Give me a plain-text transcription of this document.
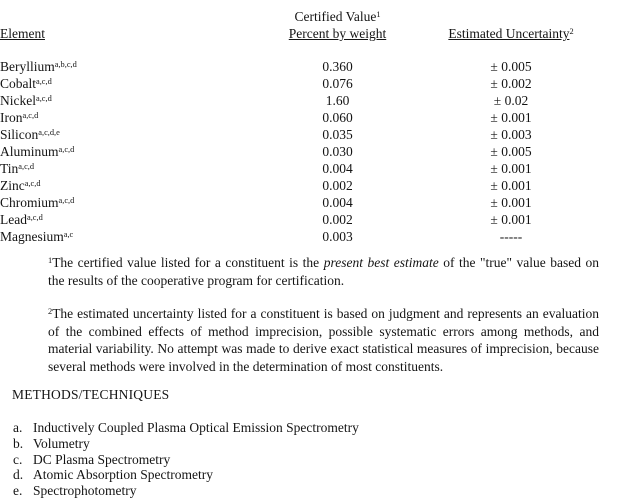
	Certified Value$^1$	
Element	Percent by weight	Estimated Uncertainty$^2$
Beryllium$^{a,b,c,d}$	0.360	± 0.005
Cobalt$^{a,c,d}$	0.076	± 0.002
Nickel$^{a,c,d}$	1.60	± 0.02
Iron$^{a,c,d}$	0.060	± 0.001
Silicon$^{a,c,d,e}$	0.035	± 0.003
Aluminum$^{a,c,d}$	0.030	± 0.005
Tin$^{a,c,d}$	0.004	± 0.001
Zinc$^{a,c,d}$	0.002	± 0.001
Chromium$^{a,c,d}$	0.004	± 0.001
Lead$^{a,c,d}$	0.002	± 0.001
Magnesium$^{a,c}$	0.003	-----

$^1$The certified value listed for a constituent is the present best estimate of the "true" value based on the results of the cooperative program for certification.

$^2$The estimated uncertainty listed for a constituent is based on judgment and represents an evaluation of the combined effects of method imprecision, possible systematic errors among methods, and material variability. No attempt was made to derive exact statistical measures of imprecision, because several methods were involved in the determination of most constituents.

METHODS/TECHNIQUES
a. Inductively Coupled Plasma Optical Emission Spectrometry
b. Volumetry
c. DC Plasma Spectrometry
d. Atomic Absorption Spectrometry
e. Spectrophotometry
